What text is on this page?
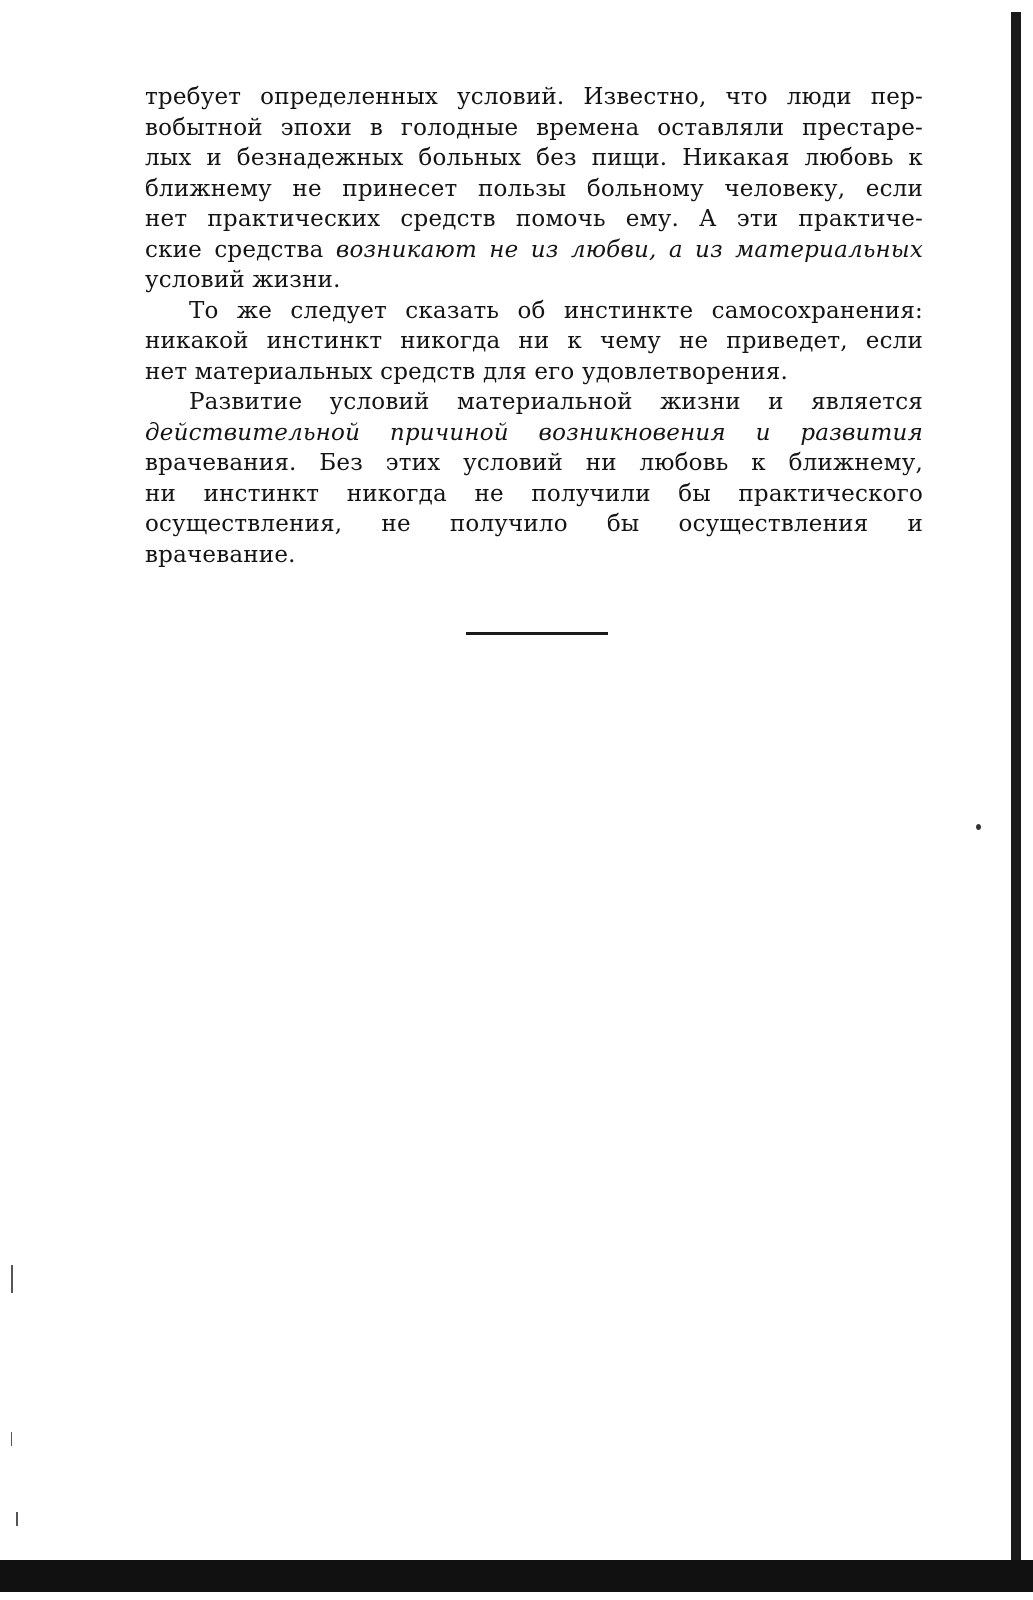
требует определенных условий. Известно, что люди пер-
вобытной эпохи в голодные времена оставляли престаре-
лых и безнадежных больных без пищи. Никакая любовь к
ближнему не принесет пользы больному человеку, если
нет практических средств помочь ему. А эти практиче-
ские средства возникают не из любви, а из материальных
условий жизни.
То же следует сказать об инстинкте самосохранения:
никакой инстинкт никогда ни к чему не приведет, если
нет материальных средств для его удовлетворения.
Развитие условий материальной жизни и является
действительной причиной возникновения и развития
врачевания. Без этих условий ни любовь к ближнему,
ни инстинкт никогда не получили бы практического
осуществления, не получило бы осуществления и
врачевание.
